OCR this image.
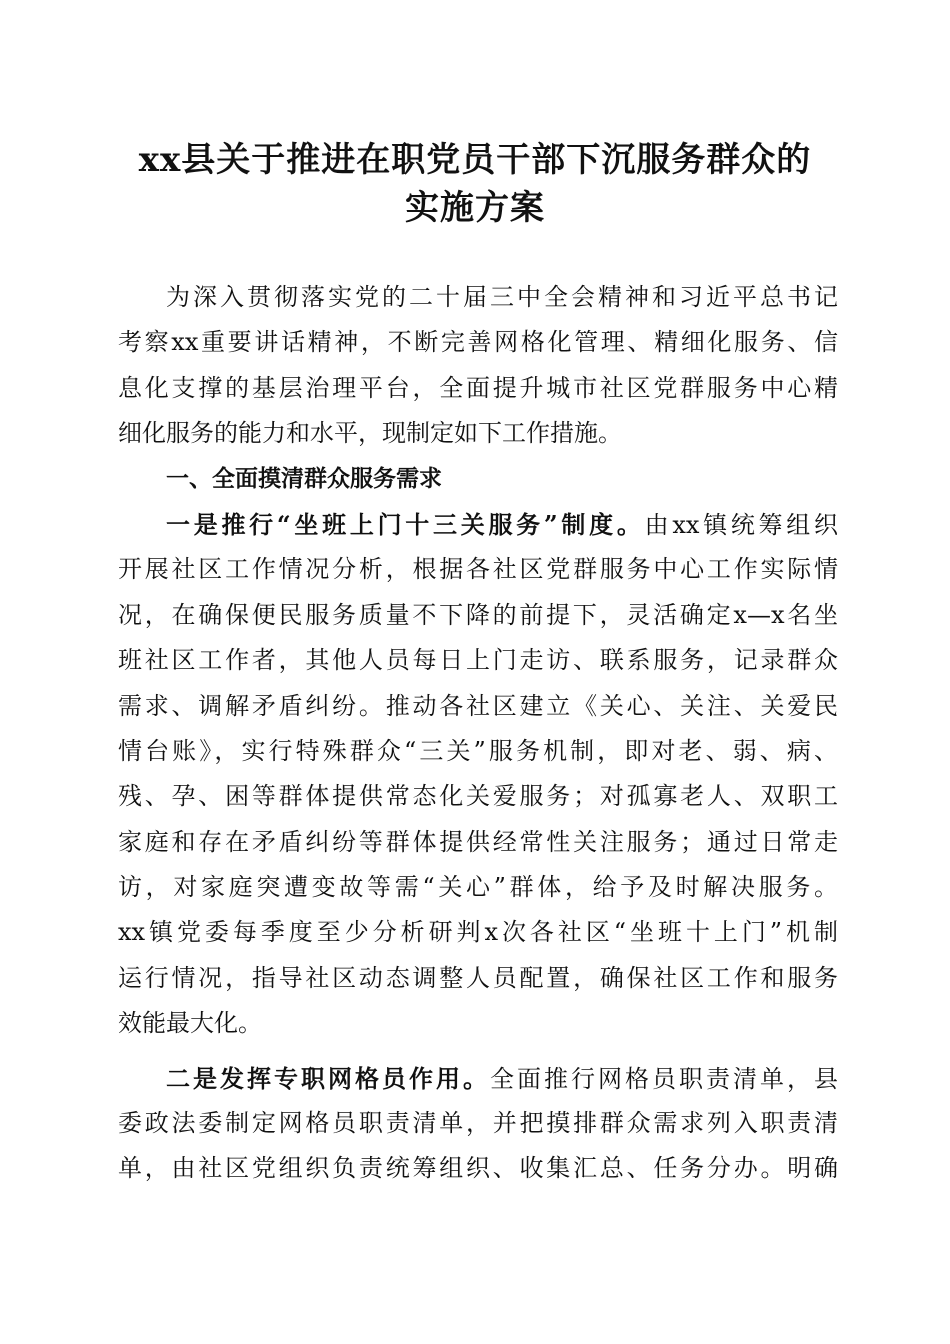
xx县关于推进在职党员干部下沉服务群众的
实施方案
为深入贯彻落实党的二十届三中全会精神和习近平总书记
考察xx重要讲话精神，不断完善网格化管理、精细化服务、信
息化支撑的基层治理平台，全面提升城市社区党群服务中心精
细化服务的能力和水平，现制定如下工作措施。
一、全面摸清群众服务需求
一是推行“坐班上门十三关服务”制度。由xx镇统筹组织
开展社区工作情况分析，根据各社区党群服务中心工作实际情
况，在确保便民服务质量不下降的前提下，灵活确定x—x名坐
班社区工作者，其他人员每日上门走访、联系服务，记录群众
需求、调解矛盾纠纷。推动各社区建立《关心、关注、关爱民
情台账》，实行特殊群众“三关”服务机制，即对老、弱、病、
残、孕、困等群体提供常态化关爱服务；对孤寡老人、双职工
家庭和存在矛盾纠纷等群体提供经常性关注服务；通过日常走
访，对家庭突遭变故等需“关心”群体，给予及时解决服务。
xx镇党委每季度至少分析研判x次各社区“坐班十上门”机制
运行情况，指导社区动态调整人员配置，确保社区工作和服务
效能最大化。
二是发挥专职网格员作用。全面推行网格员职责清单，县
委政法委制定网格员职责清单，并把摸排群众需求列入职责清
单，由社区党组织负责统筹组织、收集汇总、任务分办。明确
